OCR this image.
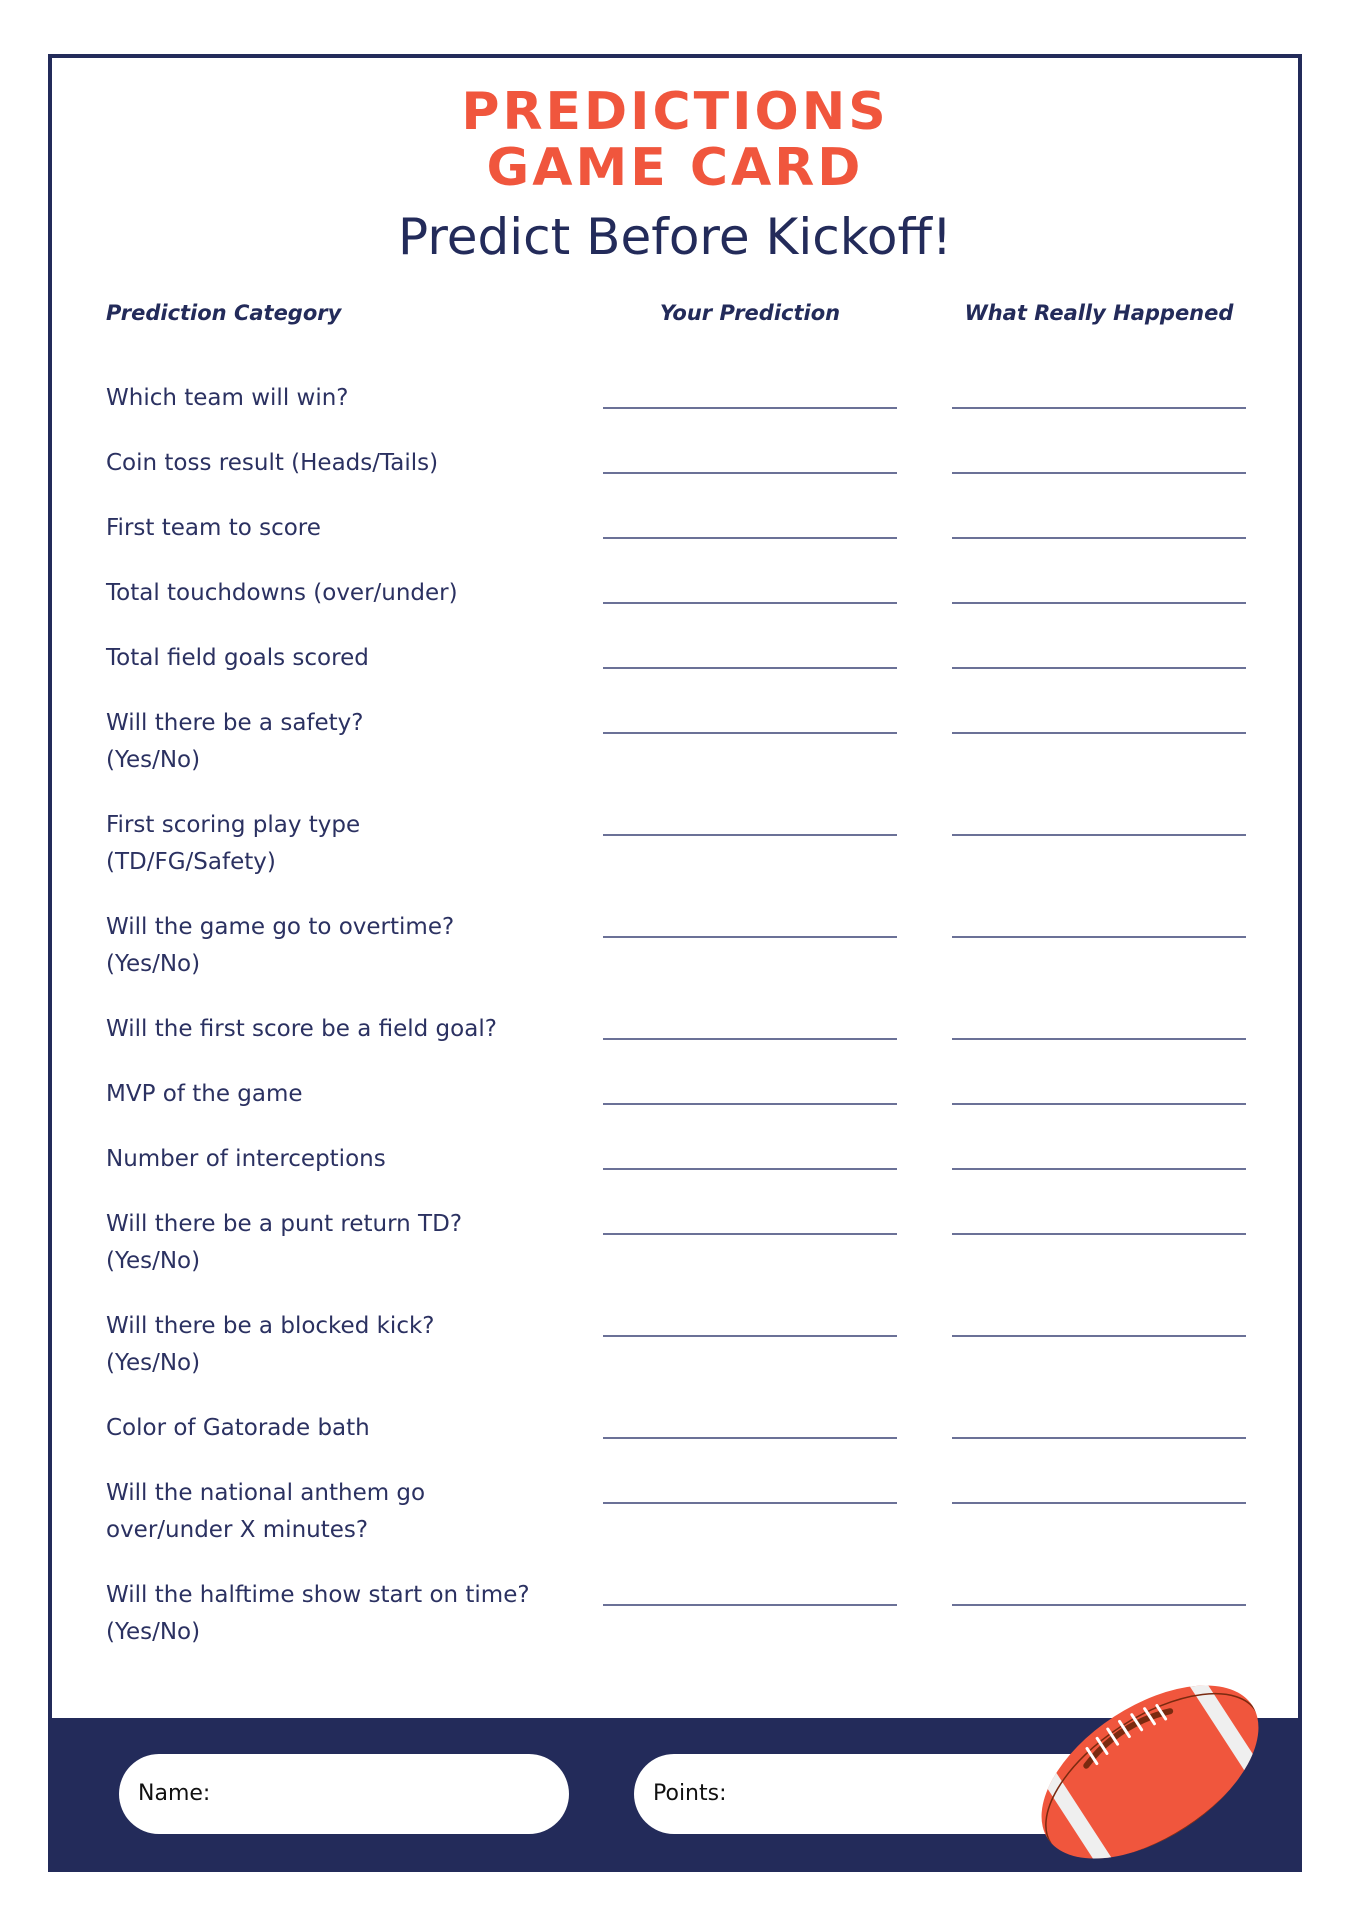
PREDICTIONS
GAME CARD
Predict Before Kickoff!
Prediction Category	Your Prediction	What Really Happened
Which team will win?
Coin toss result (Heads/Tails)
First team to score
Total touchdowns (over/under)
Total field goals scored
Will there be a safety? (Yes/No)
First scoring play type (TD/FG/Safety)
Will the game go to overtime? (Yes/No)
Will the first score be a field goal?
MVP of the game
Number of interceptions
Will there be a punt return TD? (Yes/No)
Will there be a blocked kick? (Yes/No)
Color of Gatorade bath
Will the national anthem go over/under X minutes?
Will the halftime show start on time? (Yes/No)
Name:	Points:
